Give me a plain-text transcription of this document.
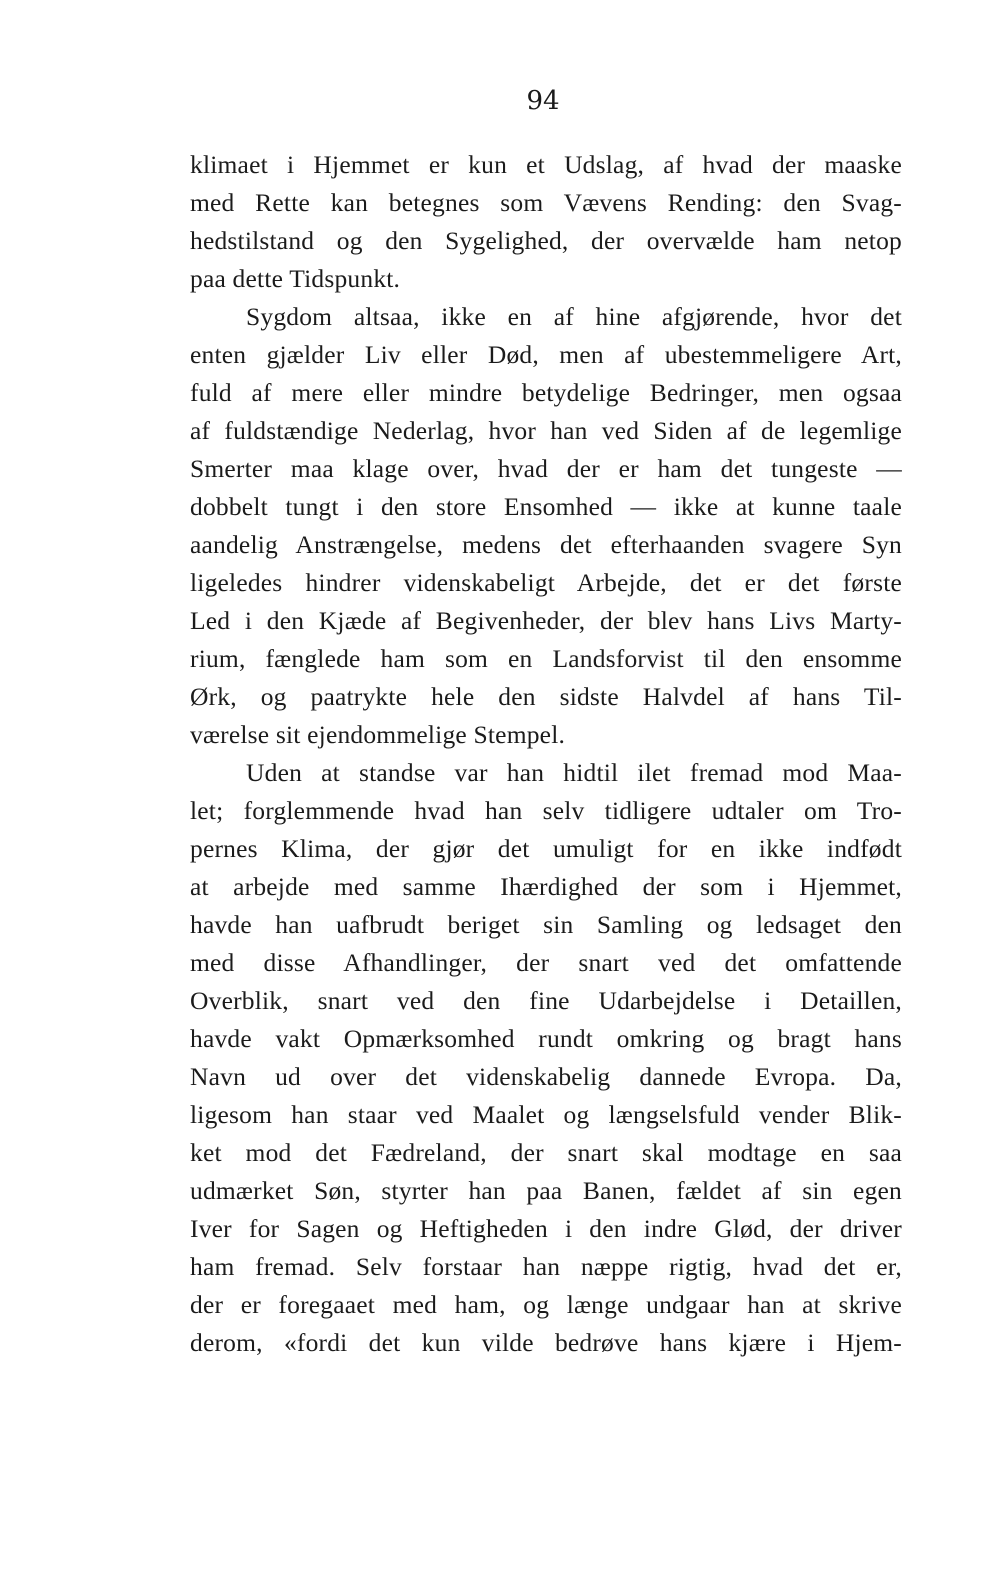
94
klimaet i Hjemmet er kun et Udslag, af hvad der maaske
med Rette kan betegnes som Vævens Rending: den Svag-
hedstilstand og den Sygelighed, der overvælde ham netop
paa dette Tidspunkt.
Sygdom altsaa, ikke en af hine afgjørende, hvor det
enten gjælder Liv eller Død, men af ubestemmeligere Art,
fuld af mere eller mindre betydelige Bedringer, men ogsaa
af fuldstændige Nederlag, hvor han ved Siden af de legemlige
Smerter maa klage over, hvad der er ham det tungeste —
dobbelt tungt i den store Ensomhed — ikke at kunne taale
aandelig Anstrængelse, medens det efterhaanden svagere Syn
ligeledes hindrer videnskabeligt Arbejde, det er det første
Led i den Kjæde af Begivenheder, der blev hans Livs Marty-
rium, fænglede ham som en Landsforvist til den ensomme
Ørk, og paatrykte hele den sidste Halvdel af hans Til-
værelse sit ejendommelige Stempel.
Uden at standse var han hidtil ilet fremad mod Maa-
let; forglemmende hvad han selv tidligere udtaler om Tro-
pernes Klima, der gjør det umuligt for en ikke indfødt
at arbejde med samme Ihærdighed der som i Hjemmet,
havde han uafbrudt beriget sin Samling og ledsaget den
med disse Afhandlinger, der snart ved det omfattende
Overblik, snart ved den fine Udarbejdelse i Detaillen,
havde vakt Opmærksomhed rundt omkring og bragt hans
Navn ud over det videnskabelig dannede Evropa. Da,
ligesom han staar ved Maalet og længselsfuld vender Blik-
ket mod det Fædreland, der snart skal modtage en saa
udmærket Søn, styrter han paa Banen, fældet af sin egen
Iver for Sagen og Heftigheden i den indre Glød, der driver
ham fremad. Selv forstaar han næppe rigtig, hvad det er,
der er foregaaet med ham, og længe undgaar han at skrive
derom, «fordi det kun vilde bedrøve hans kjære i Hjem-
